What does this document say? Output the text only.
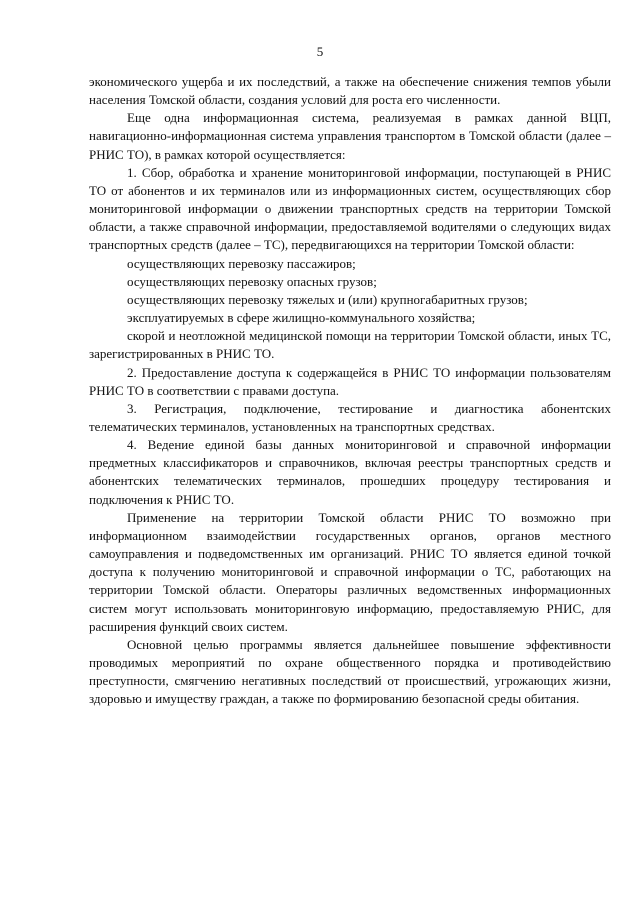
5

экономического ущерба и их последствий, а также на обеспечение снижения темпов убыли населения Томской области, создания условий для роста его численности.

Еще одна информационная система, реализуемая в рамках данной ВЦП, навигационно-информационная система управления транспортом в Томской области (далее – РНИС ТО), в рамках которой осуществляется:

1. Сбор, обработка и хранение мониторинговой информации, поступающей в РНИС ТО от абонентов и их терминалов или из информационных систем, осуществляющих сбор мониторинговой информации о движении транспортных средств на территории Томской области, а также справочной информации, предоставляемой водителями о следующих видах транспортных средств (далее – ТС), передвигающихся на территории Томской области:

осуществляющих перевозку пассажиров;

осуществляющих перевозку опасных грузов;

осуществляющих перевозку тяжелых и (или) крупногабаритных грузов;

эксплуатируемых в сфере жилищно-коммунального хозяйства;

скорой и неотложной медицинской помощи на территории Томской области, иных ТС, зарегистрированных в РНИС ТО.

2. Предоставление доступа к содержащейся в РНИС ТО информации пользователям РНИС ТО в соответствии с правами доступа.

3. Регистрация, подключение, тестирование и диагностика абонентских телематических терминалов, установленных на транспортных средствах.

4. Ведение единой базы данных мониторинговой и справочной информации предметных классификаторов и справочников, включая реестры транспортных средств и абонентских телематических терминалов, прошедших процедуру тестирования и подключения к РНИС ТО.

Применение на территории Томской области РНИС ТО возможно при информационном взаимодействии государственных органов, органов местного самоуправления и подведомственных им организаций. РНИС ТО является единой точкой доступа к получению мониторинговой и справочной информации о ТС, работающих на территории Томской области. Операторы различных ведомственных информационных систем могут использовать мониторинговую информацию, предоставляемую РНИС, для расширения функций своих систем.

Основной целью программы является дальнейшее повышение эффективности проводимых мероприятий по охране общественного порядка и противодействию преступности, смягчению негативных последствий от происшествий, угрожающих жизни, здоровью и имуществу граждан, а также по формированию безопасной среды обитания.
